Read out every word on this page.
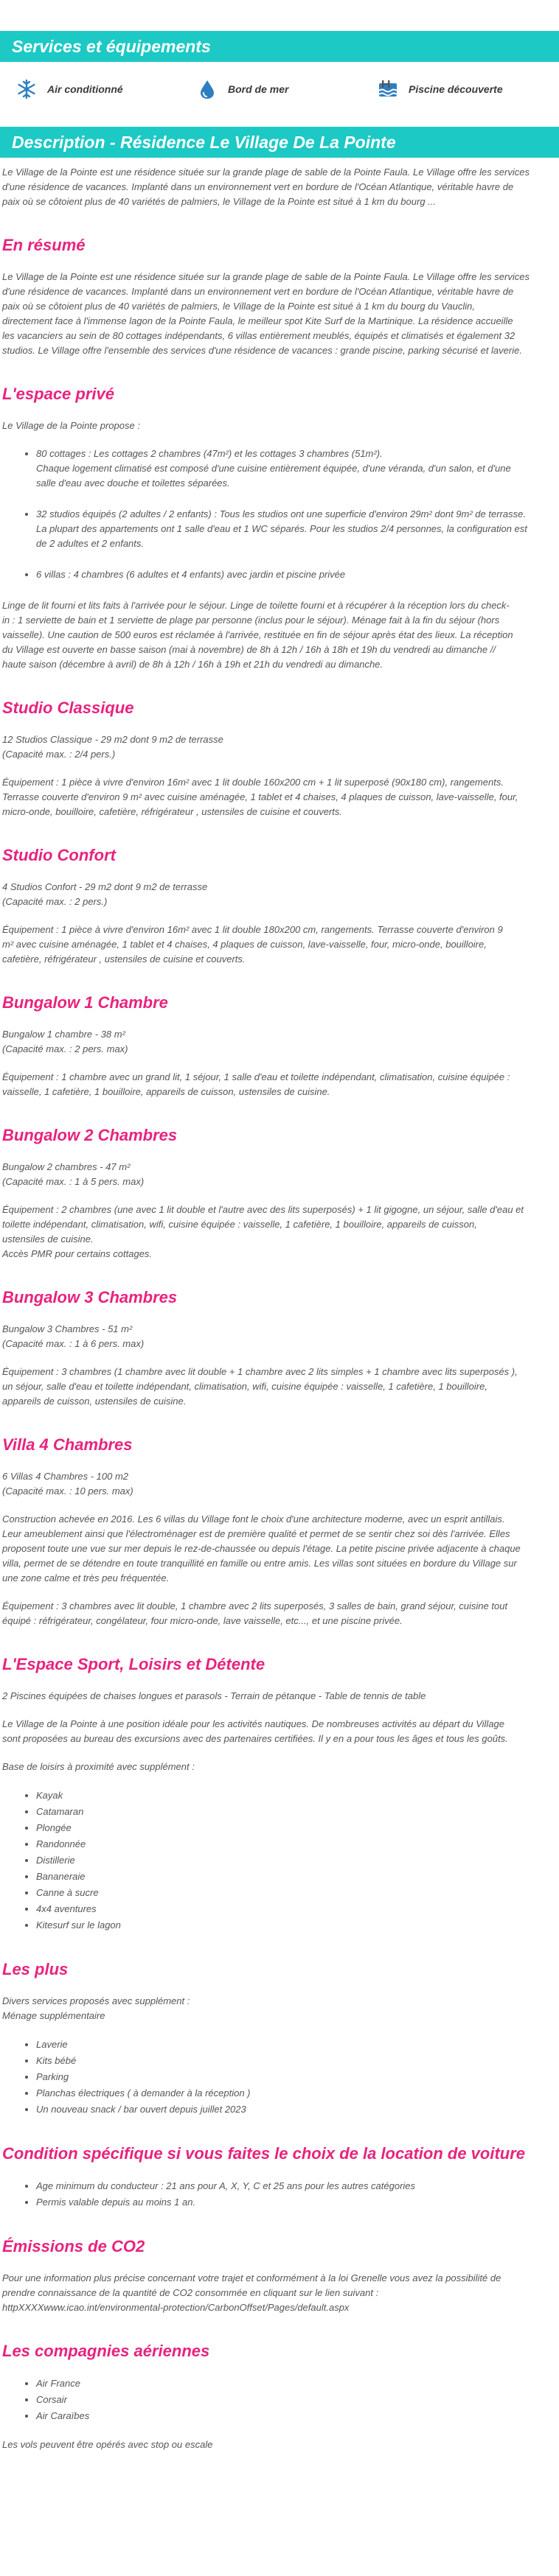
Services et équipements
Air conditionné	Bord de mer	Piscine découverte
Description - Résidence Le Village De La Pointe

Le Village de la Pointe est une résidence située sur la grande plage de sable de la Pointe Faula. Le Village offre les services
d'une résidence de vacances. Implanté dans un environnement vert en bordure de l'Océan Atlantique, véritable havre de
paix où se côtoient plus de 40 variétés de palmiers, le Village de la Pointe est situé à 1 km du bourg ...

En résumé

Le Village de la Pointe est une résidence située sur la grande plage de sable de la Pointe Faula. Le Village offre les services
d'une résidence de vacances. Implanté dans un environnement vert en bordure de l'Océan Atlantique, véritable havre de
paix où se côtoient plus de 40 variétés de palmiers, le Village de la Pointe est situé à 1 km du bourg du Vauclin,
directement face à l'immense lagon de la Pointe Faula, le meilleur spot Kite Surf de la Martinique. La résidence accueille
les vacanciers au sein de 80 cottages indépendants, 6 villas entièrement meublés, équipés et climatisés et également 32
studios. Le Village offre l'ensemble des services d'une résidence de vacances : grande piscine, parking sécurisé et laverie.

L'espace privé

Le Village de la Pointe propose :

• 80 cottages : Les cottages 2 chambres (47m²) et les cottages 3 chambres (51m²).
Chaque logement climatisé est composé d'une cuisine entièrement équipée, d'une véranda, d'un salon, et d'une
salle d'eau avec douche et toilettes séparées.
• 32 studios équipés (2 adultes / 2 enfants) : Tous les studios ont une superficie d'environ 29m² dont 9m² de terrasse.
La plupart des appartements ont 1 salle d'eau et 1 WC séparés. Pour les studios 2/4 personnes, la configuration est
de 2 adultes et 2 enfants.
• 6 villas : 4 chambres (6 adultes et 4 enfants) avec jardin et piscine privée

Linge de lit fourni et lits faits à l'arrivée pour le séjour. Linge de toilette fourni et à récupérer à la réception lors du check-
in : 1 serviette de bain et 1 serviette de plage par personne (inclus pour le séjour). Ménage fait à la fin du séjour (hors
vaisselle). Une caution de 500 euros est réclamée à l'arrivée, restituée en fin de séjour après état des lieux. La réception
du Village est ouverte en basse saison (mai à novembre) de 8h à 12h / 16h à 18h et 19h du vendredi au dimanche //
haute saison (décembre à avril) de 8h à 12h / 16h à 19h et 21h du vendredi au dimanche.

Studio Classique

12 Studios Classique - 29 m2 dont 9 m2 de terrasse
(Capacité max. : 2/4 pers.)

Équipement : 1 pièce à vivre d'environ 16m² avec 1 lit double 160x200 cm + 1 lit superposé (90x180 cm), rangements.
Terrasse couverte d'environ 9 m² avec cuisine aménagée, 1 tablet et 4 chaises, 4 plaques de cuisson, lave-vaisselle, four,
micro-onde, bouilloire, cafetière, réfrigérateur , ustensiles de cuisine et couverts.

Studio Confort

4 Studios Confort - 29 m2 dont 9 m2 de terrasse
(Capacité max. : 2 pers.)

Équipement : 1 pièce à vivre d'environ 16m² avec 1 lit double 180x200 cm, rangements. Terrasse couverte d'environ 9
m² avec cuisine aménagée, 1 tablet et 4 chaises, 4 plaques de cuisson, lave-vaisselle, four, micro-onde, bouilloire,
cafetière, réfrigérateur , ustensiles de cuisine et couverts.

Bungalow 1 Chambre

Bungalow 1 chambre - 38 m²
(Capacité max. : 2 pers. max)

Équipement : 1 chambre avec un grand lit, 1 séjour, 1 salle d'eau et toilette indépendant, climatisation, cuisine équipée :
vaisselle, 1 cafetière, 1 bouilloire, appareils de cuisson, ustensiles de cuisine.

Bungalow 2 Chambres

Bungalow 2 chambres - 47 m²
(Capacité max. : 1 à 5 pers. max)

Équipement : 2 chambres (une avec 1 lit double et l'autre avec des lits superposés) + 1 lit gigogne, un séjour, salle d'eau et
toilette indépendant, climatisation, wifi, cuisine équipée : vaisselle, 1 cafetière, 1 bouilloire, appareils de cuisson,
ustensiles de cuisine.
Accès PMR pour certains cottages.

Bungalow 3 Chambres

Bungalow 3 Chambres - 51 m²
(Capacité max. : 1 à 6 pers. max)

Équipement : 3 chambres (1 chambre avec lit double + 1 chambre avec 2 lits simples + 1 chambre avec lits superposés ),
un séjour, salle d'eau et toilette indépendant, climatisation, wifi, cuisine équipée : vaisselle, 1 cafetière, 1 bouilloire,
appareils de cuisson, ustensiles de cuisine.

Villa 4 Chambres

6 Villas 4 Chambres - 100 m2
(Capacité max. : 10 pers. max)

Construction achevée en 2016. Les 6 villas du Village font le choix d'une architecture moderne, avec un esprit antillais.
Leur ameublement ainsi que l'électroménager est de première qualité et permet de se sentir chez soi dès l'arrivée. Elles
proposent toute une vue sur mer depuis le rez-de-chaussée ou depuis l'étage. La petite piscine privée adjacente à chaque
villa, permet de se détendre en toute tranquillité en famille ou entre amis. Les villas sont situées en bordure du Village sur
une zone calme et très peu fréquentée.

Équipement : 3 chambres avec lit double, 1 chambre avec 2 lits superposés, 3 salles de bain, grand séjour, cuisine tout
équipé : réfrigérateur, congélateur, four micro-onde, lave vaisselle, etc..., et une piscine privée.

L'Espace Sport, Loisirs et Détente

2 Piscines équipées de chaises longues et parasols - Terrain de pétanque - Table de tennis de table

Le Village de la Pointe à une position idéale pour les activités nautiques. De nombreuses activités au départ du Village
sont proposées au bureau des excursions avec des partenaires certifiées. Il y en a pour tous les âges et tous les goûts.

Base de loisirs à proximité avec supplément :

• Kayak
• Catamaran
• Plongée
• Randonnée
• Distillerie
• Bananeraie
• Canne à sucre
• 4x4 aventures
• Kitesurf sur le lagon
Les plus

Divers services proposés avec supplément :
Ménage supplémentaire

• Laverie
• Kits bébé
• Parking
• Planchas électriques ( à demander à la réception )
• Un nouveau snack / bar ouvert depuis juillet 2023
Condition spécifique si vous faites le choix de la location de voiture
• Age minimum du conducteur : 21 ans pour A, X, Y, C et 25 ans pour les autres catégories
• Permis valable depuis au moins 1 an.
Émissions de CO2

Pour une information plus précise concernant votre trajet et conformément à la loi Grenelle vous avez la possibilité de
prendre connaissance de la quantité de CO2 consommée en cliquant sur le lien suivant :
httpXXXXwww.icao.int/environmental-protection/CarbonOffset/Pages/default.aspx

Les compagnies aériennes
• Air France
• Corsair
• Air Caraïbes

Les vols peuvent être opérés avec stop ou escale
